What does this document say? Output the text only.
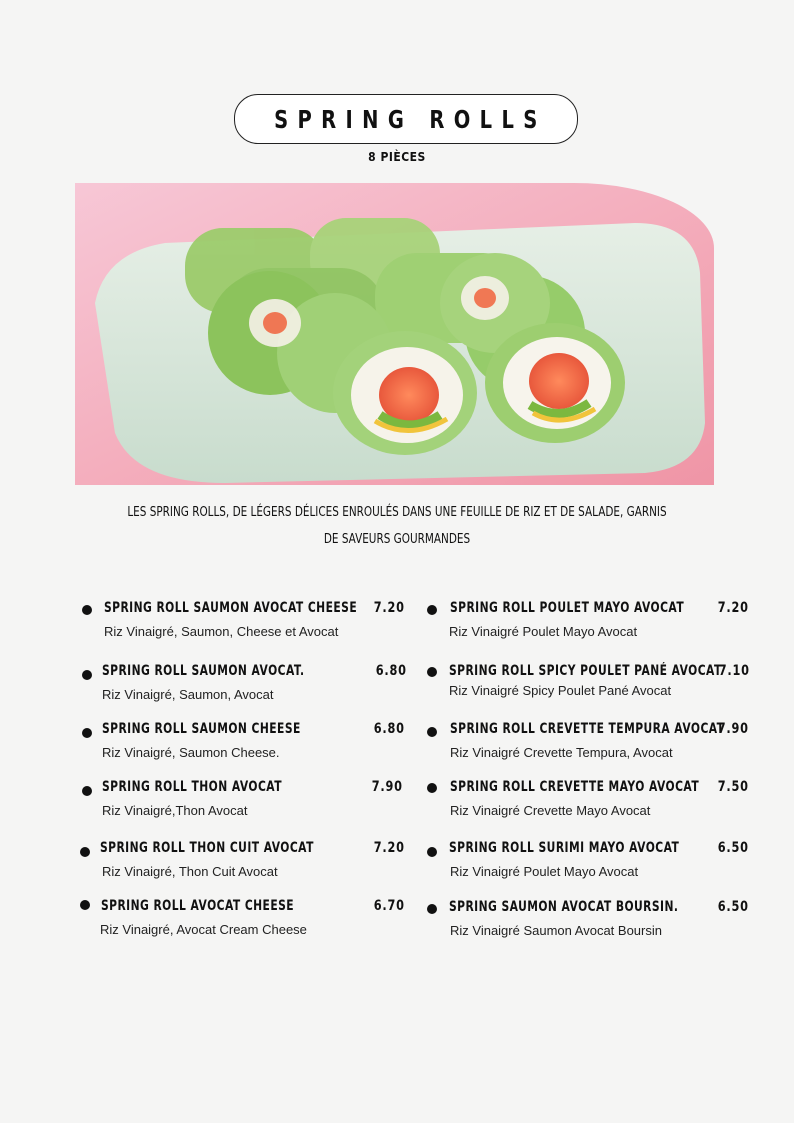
SPRING ROLLS
8 PIÈCES
LES SPRING ROLLS, DE LÉGERS DÉLICES ENROULÉS DANS UNE FEUILLE DE RIZ ET DE SALADE, GARNIS DE SAVEURS GOURMANDES
SPRING ROLL SAUMON AVOCAT CHEESE 7.20
Riz Vinaigré, Saumon, Cheese et Avocat
SPRING ROLL SAUMON AVOCAT.	6.80
Riz Vinaigré, Saumon, Avocat
SPRING ROLL SAUMON CHEESE	6.80
Riz Vinaigré, Saumon Cheese.
SPRING ROLL THON AVOCAT	7.90
Riz Vinaigré,Thon Avocat
SPRING ROLL THON CUIT AVOCAT	7.20
Riz Vinaigré, Thon Cuit Avocat
SPRING ROLL AVOCAT CHEESE	6.70
Riz Vinaigré, Avocat Cream Cheese
SPRING ROLL POULET MAYO AVOCAT 7.20
Riz Vinaigré Poulet Mayo Avocat
SPRING ROLL SPICY POULET PANÉ AVOCAT
7.10
Riz Vinaigré Spicy Poulet Pané Avocat
SPRING ROLL CREVETTE TEMPURA AVOCAT
7.90
Riz Vinaigré Crevette Tempura, Avocat
SPRING ROLL CREVETTE MAYO AVOCAT 7.50
Riz Vinaigré Crevette Mayo Avocat
SPRING ROLL SURIMI MAYO AVOCAT	6.50
Riz Vinaigré Poulet Mayo Avocat
SPRING SAUMON AVOCAT BOURSIN.	6.50
Riz Vinaigré Saumon Avocat Boursin
